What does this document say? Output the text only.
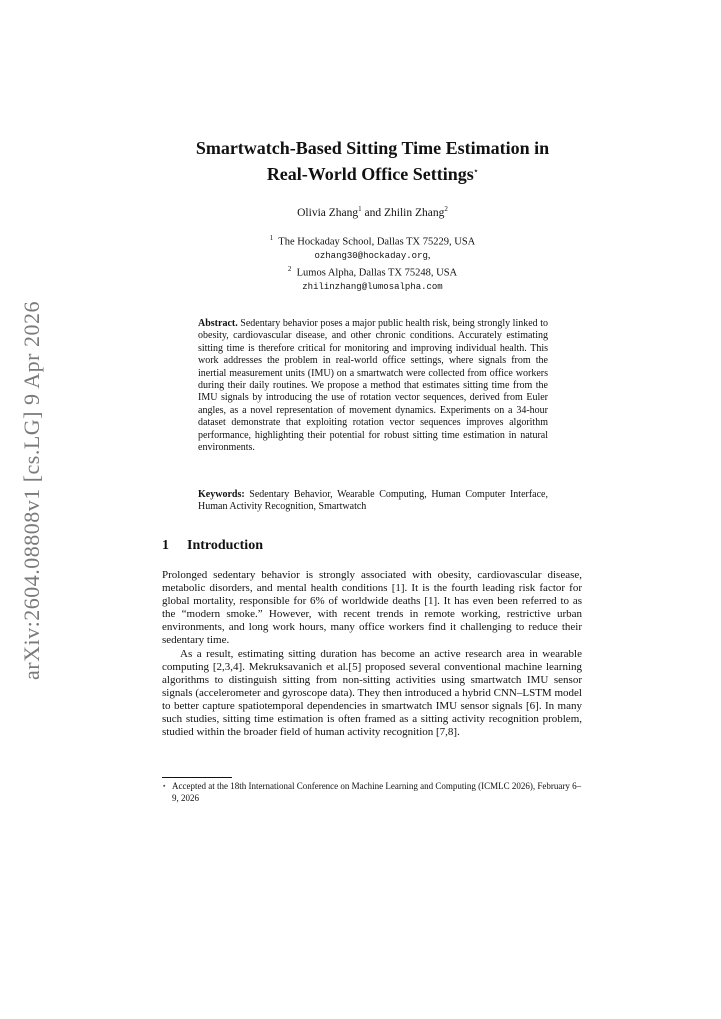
arXiv:2604.08808v1 [cs.LG] 9 Apr 2026
Smartwatch-Based Sitting Time Estimation in
Real-World Office Settings⋆
Olivia Zhang$^1$ and Zhilin Zhang$^2$
$^1$ The Hockaday School, Dallas TX 75229, USA
ozhang30@hockaday.org,
$^2$ Lumos Alpha, Dallas TX 75248, USA
zhilinzhang@lumosalpha.com
Abstract. Sedentary behavior poses a major public health risk, being strongly linked to obesity, cardiovascular disease, and other chronic conditions. Accurately estimating sitting time is therefore critical for monitoring and improving individual health. This work addresses the problem in real-world office settings, where signals from the inertial measurement units (IMU) on a smartwatch were collected from office workers during their daily routines. We propose a method that estimates sitting time from the IMU signals by introducing the use of rotation vector sequences, derived from Euler angles, as a novel representation of movement dynamics. Experiments on a 34-hour dataset demonstrate that exploiting rotation vector sequences improves algorithm performance, highlighting their potential for robust sitting time estimation in natural environments.
Keywords: Sedentary Behavior, Wearable Computing, Human Computer Interface, Human Activity Recognition, Smartwatch
1 Introduction

Prolonged sedentary behavior is strongly associated with obesity, cardiovascular disease, metabolic disorders, and mental health conditions [1]. It is the fourth leading risk factor for global mortality, responsible for 6% of worldwide deaths [1]. It has even been referred to as the “modern smoke.” However, with recent trends in remote working, restrictive urban environments, and long work hours, many office workers find it challenging to reduce their sedentary time.

As a result, estimating sitting duration has become an active research area in wearable computing [2,3,4]. Mekruksavanich et al.[5] proposed several conventional machine learning algorithms to distinguish sitting from non-sitting activities using smartwatch IMU sensor signals (accelerometer and gyroscope data). They then introduced a hybrid CNN–LSTM model to better capture spatiotemporal dependencies in smartwatch IMU sensor signals [6]. In many such studies, sitting time estimation is often framed as a sitting activity recognition problem, studied within the broader field of human activity recognition [7,8].

⋆ Accepted at the 18th International Conference on Machine Learning and Computing (ICMLC 2026), February 6–9, 2026
